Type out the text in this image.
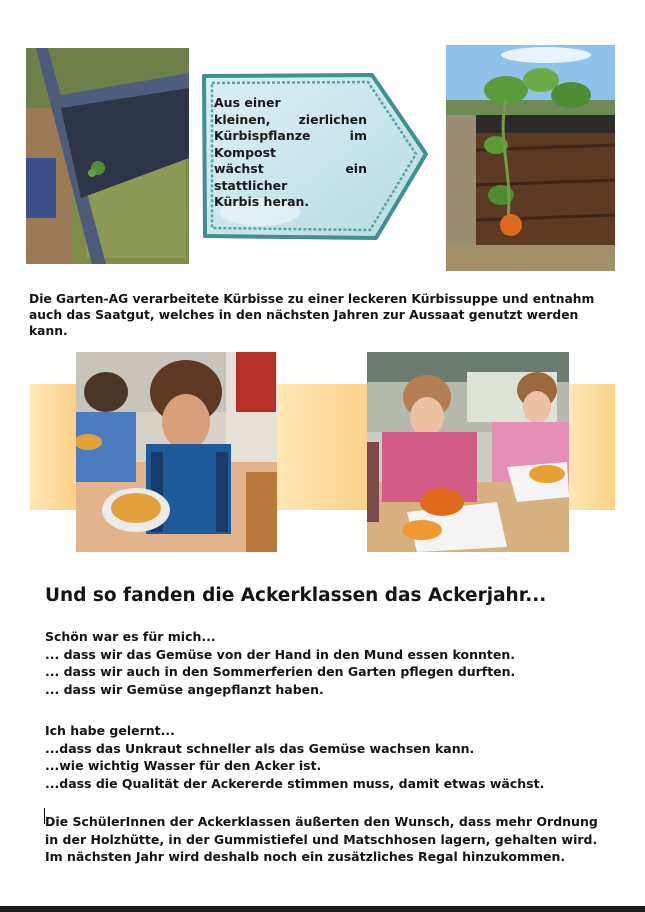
Aus einer
kleinen, zierlichen
Kürbispflanze im
Kompost
wächst ein stattlicher
Kürbis heran.
Die Garten-AG verarbeitete Kürbisse zu einer leckeren Kürbissuppe und entnahm
auch das Saatgut, welches in den nächsten Jahren zur Aussaat genutzt werden
kann.
Und so fanden die Ackerklassen das Ackerjahr...
Schön war es für mich...
... dass wir das Gemüse von der Hand in den Mund essen konnten.
... dass wir auch in den Sommerferien den Garten pflegen durften.
... dass wir Gemüse angepflanzt haben.
Ich habe gelernt...
...dass das Unkraut schneller als das Gemüse wachsen kann.
...wie wichtig Wasser für den Acker ist.
...dass die Qualität der Ackererde stimmen muss, damit etwas wächst.
Die SchülerInnen der Ackerklassen äußerten den Wunsch, dass mehr Ordnung
in der Holzhütte, in der Gummistiefel und Matschhosen lagern, gehalten wird.
Im nächsten Jahr wird deshalb noch ein zusätzliches Regal hinzukommen.
